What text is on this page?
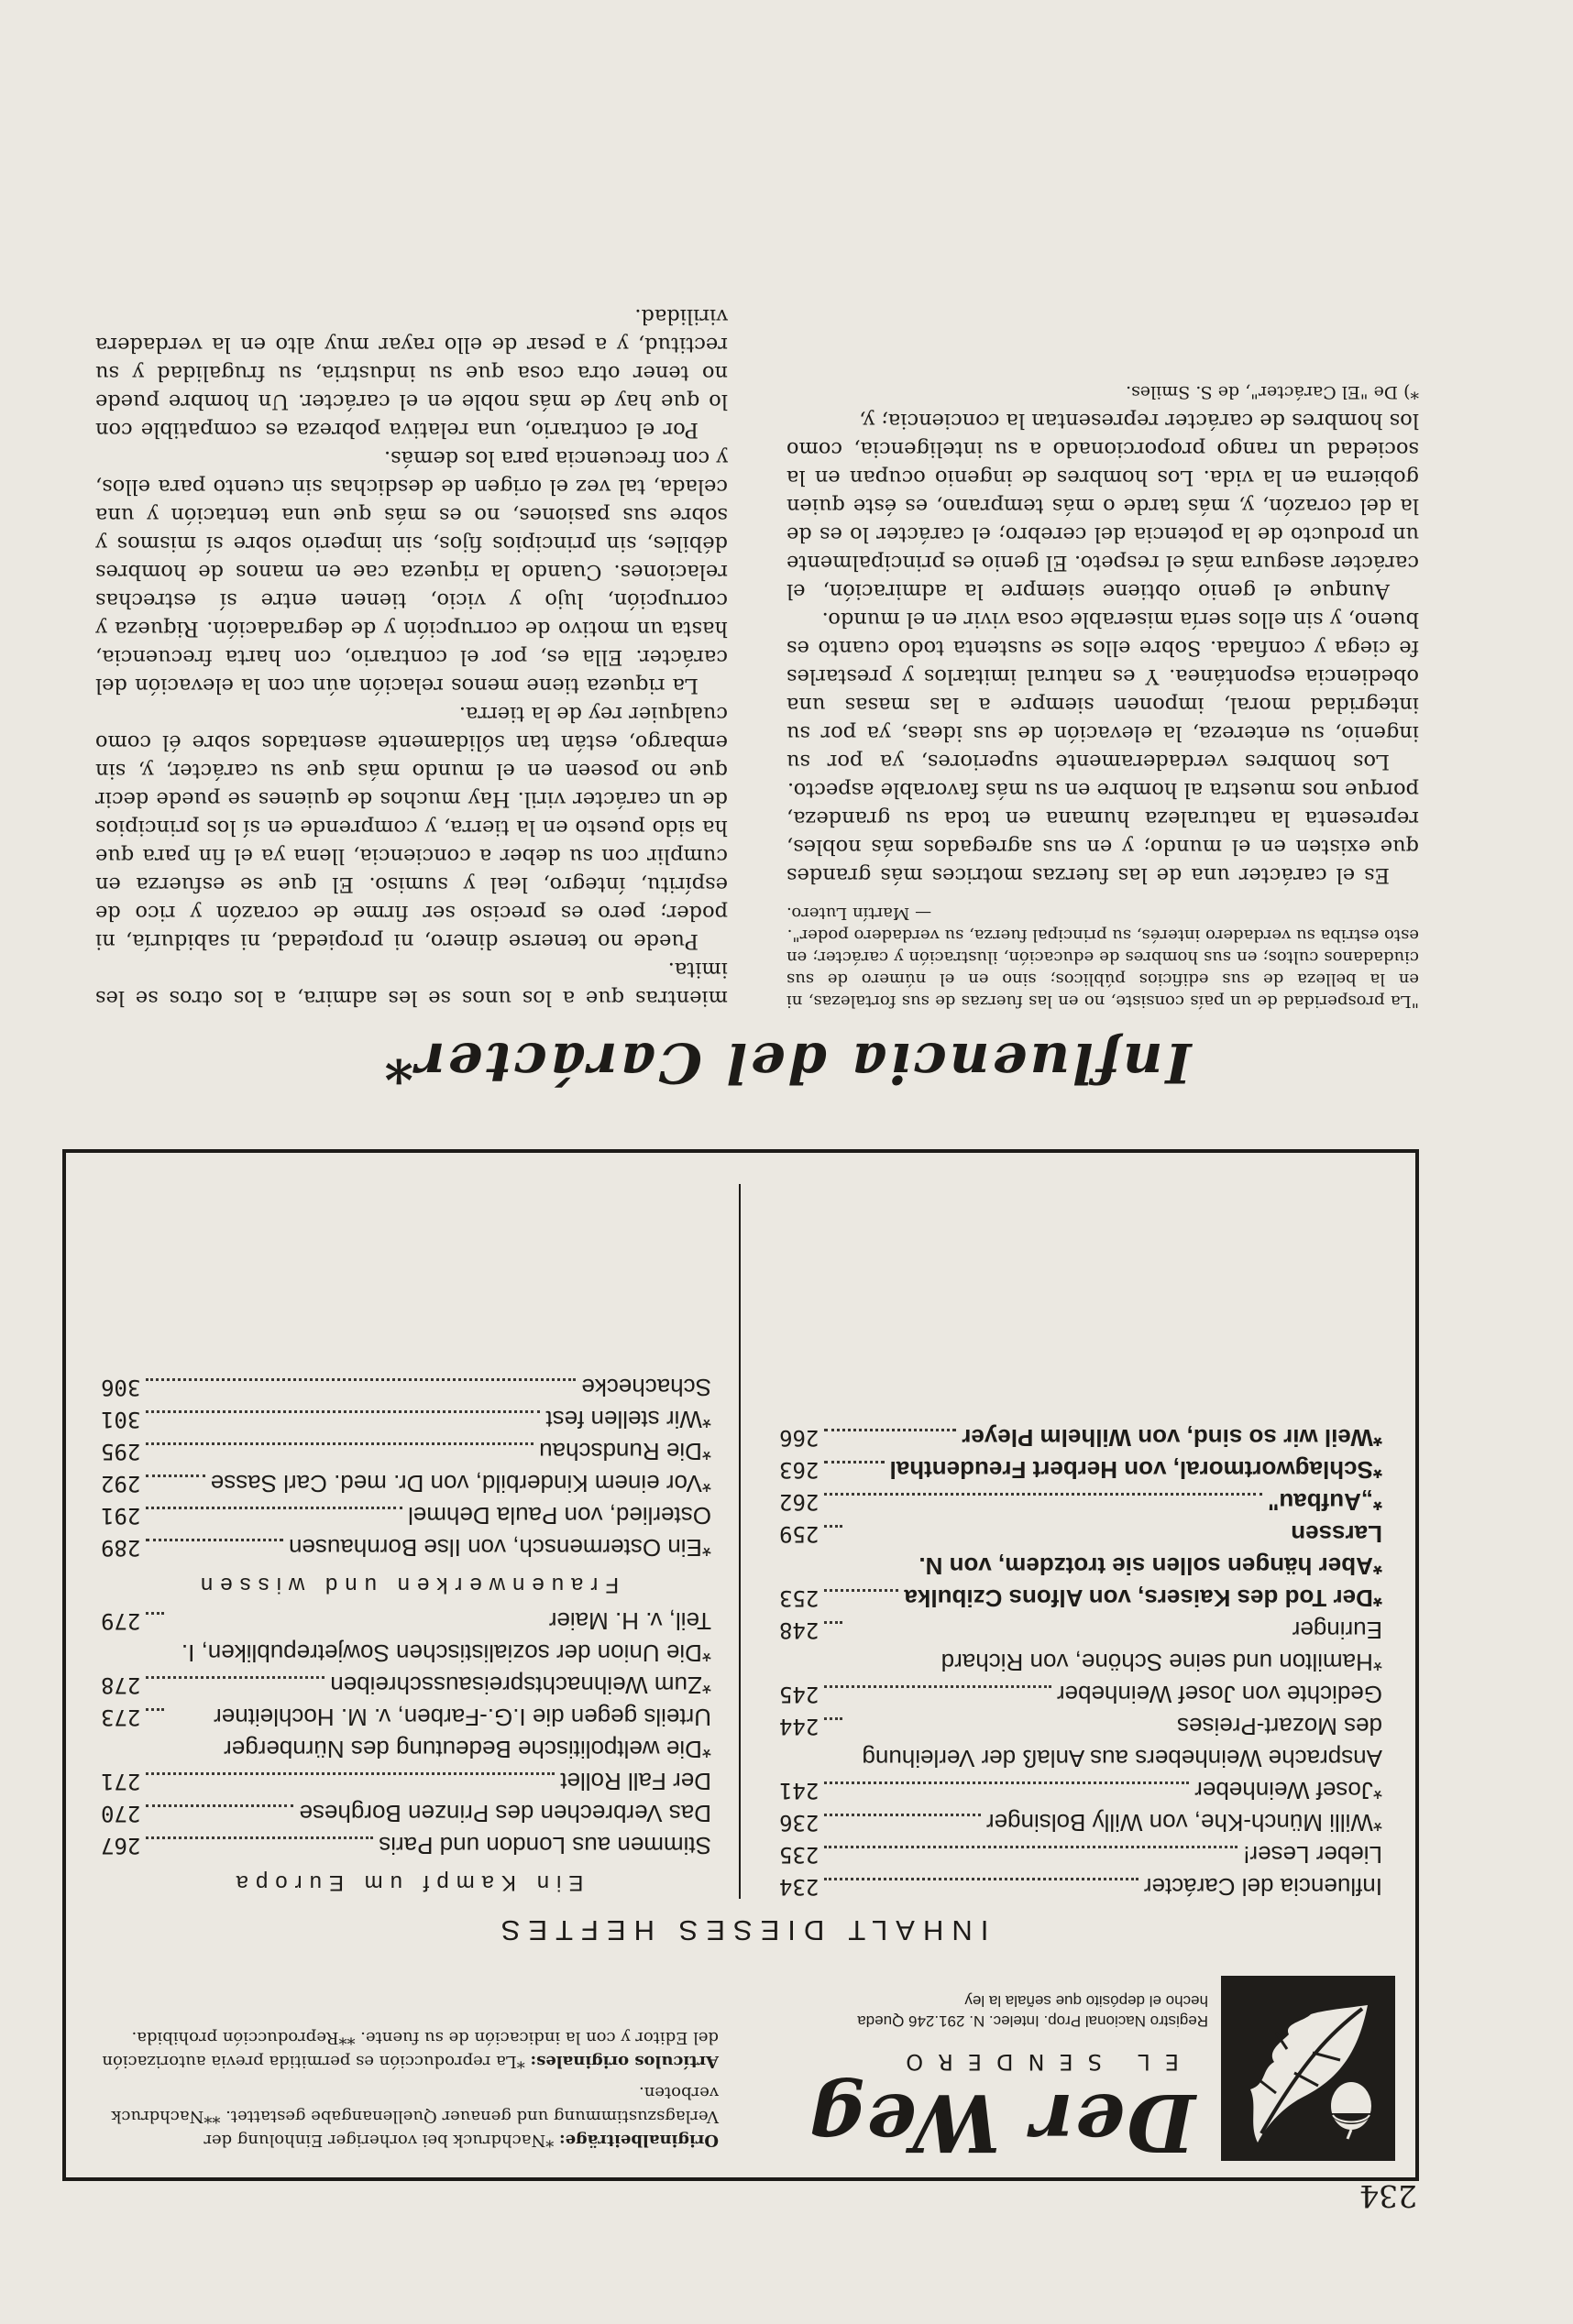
234
Der Weg
EL SENDERO
Registro Nacional Prop. Intelec. N. 291.246 Queda hecho el depósito que señala la ley

Originalbeiträge: *Nachdruck bei vorheriger Einholung der Verlagszustimmung und genauer Quellenangabe gestattet. **Nachdruck verboten.

Artículos originales: *La reproducción es permitida previa autorización del Editor y con la indicación de su fuente. **Reproducción prohibida.

INHALT DIESES HEFTES
Influencia del Carácter
234
Lieber Leser!
235
*Willi Münch-Khe, von Willy Bolsinger
236
*Josef Weinheber
241
Ansprache Weinhebers aus Anlaß der Verleihung des Mozart-Preises
244
Gedichte von Josef Weinheber
245
*Hamilton und seine Schöne, von Richard Euringer
248
*Der Tod des Kaisers, von Alfons Czibulka
253
*Aber hängen sollen sie trotzdem, von N. Larssen
259
*„Aufbau"
262
*Schlagwortmoral, von Herbert Freudenthal
263
*Weil wir so sind, von Wilhelm Pleyer
266
Ein Kampf um Europa
Stimmen aus London und Paris
267
Das Verbrechen des Prinzen Borghese
270
Der Fall Rollet
271
*Die weltpolitische Bedeutung des Nürnberger Urteils gegen die I.G.-Farben, v. M. Hochleitner
273
*Zum Weihnachtspreisausschreiben
278
*Die Union der sozialistischen Sowjetrepubliken, I. Teil, v. H. Maier
279
Frauenwerken und wissen
*Ein Ostermensch, von Ilse Bornhausen
289
Osterlied, von Paula Dehmel
291
*Vor einem Kinderbild, von Dr. med. Carl Sasse
292
*Die Rundschau
295
*Wir stellen fest
301
Schachecke
306
Influencia del Carácter*
"La prosperidad de un país consiste, no en las fuerzas de sus fortalezas, ni en la belleza de sus edificios públicos; sino en el número de sus ciudadanos cultos; en sus hombres de educación, ilustración y carácter; en esto estriba su verdadero interés, su principal fuerza, su verdadero poder".
— Martín Lutero.

Es el carácter una de las fuerzas motrices más grandes que existen en el mundo; y en sus agregados más nobles, representa la naturaleza humana en toda su grandeza, porque nos muestra al hombre en su más favorable aspecto.

Los hombres verdaderamente superiores, ya por su ingenio, su entereza, la elevación de sus ideas, ya por su integridad moral, imponen siempre a las masas una obediencia espontánea. Y es natural imitarlos y prestarles fe ciega y confiada. Sobre ellos se sustenta todo cuanto es bueno, y sin ellos sería miserable cosa vivir en el mundo.

Aunque el genio obtiene siempre la admiración, el carácter asegura más el respeto. El genio es principalmente un producto de la potencia del cerebro; el carácter lo es de la del corazón, y, más tarde o más temprano, es éste quien gobierna en la vida. Los hombres de ingenio ocupan en la sociedad un rango proporcionado a su inteligencia, como los hombres de carácter representan la conciencia; y,

*) De "El Carácter", de S. Smiles.

mientras que a los unos se les admira, a los otros se les imita.

Puede no tenerse dinero, ni propiedad, ni sabiduría, ni poder; pero es preciso ser firme de corazón y rico de espíritu, íntegro, leal y sumiso. El que se esfuerza en cumplir con su deber a conciencia, llena ya el fin para que ha sido puesto en la tierra, y comprende en sí los principios de un carácter viril. Hay muchos de quienes se puede decir que no poseen en el mundo más que su carácter, y, sin embargo, están tan sólidamente asentados sobre él como cualquier rey de la tierra.

La riqueza tiene menos relación aún con la elevación del carácter. Ella es, por el contrario, con harta frecuencia, hasta un motivo de corrupción y de degradación. Riqueza y corrupción, lujo y vicio, tienen entre sí estrechas relaciones. Cuando la riqueza cae en manos de hombres débiles, sin principios fijos, sin imperio sobre sí mismos y sobre sus pasiones, no es más que una tentación y una celada, tal vez el origen de desdichas sin cuento para ellos, y con frecuencia para los demás.

Por el contrario, una relativa pobreza es compatible con lo que hay de más noble en el carácter. Un hombre puede no tener otra cosa que su industria, su frugalidad y su rectitud, y a pesar de ello rayar muy alto en la verdadera virilidad.
